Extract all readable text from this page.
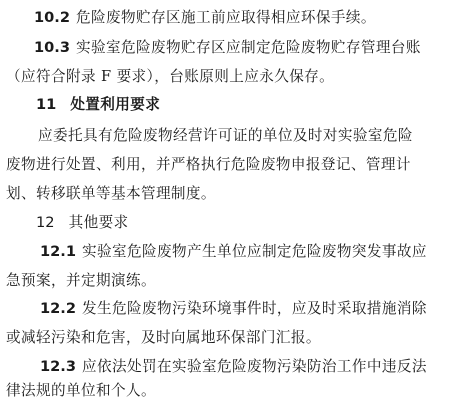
10.2 危险废物贮存区施工前应取得相应环保手续。
10.3 实验室危险废物贮存区应制定危险废物贮存管理台账
（应符合附录 F 要求），台账原则上应永久保存。
11 处置利用要求
应委托具有危险废物经营许可证的单位及时对实验室危险
废物进行处置、利用，并严格执行危险废物申报登记、管理计
划、转移联单等基本管理制度。
12 其他要求
12.1 实验室危险废物产生单位应制定危险废物突发事故应
急预案，并定期演练。
12.2 发生危险废物污染环境事件时，应及时采取措施消除
或减轻污染和危害，及时向属地环保部门汇报。
12.3 应依法处罚在实验室危险废物污染防治工作中违反法
律法规的单位和个人。
